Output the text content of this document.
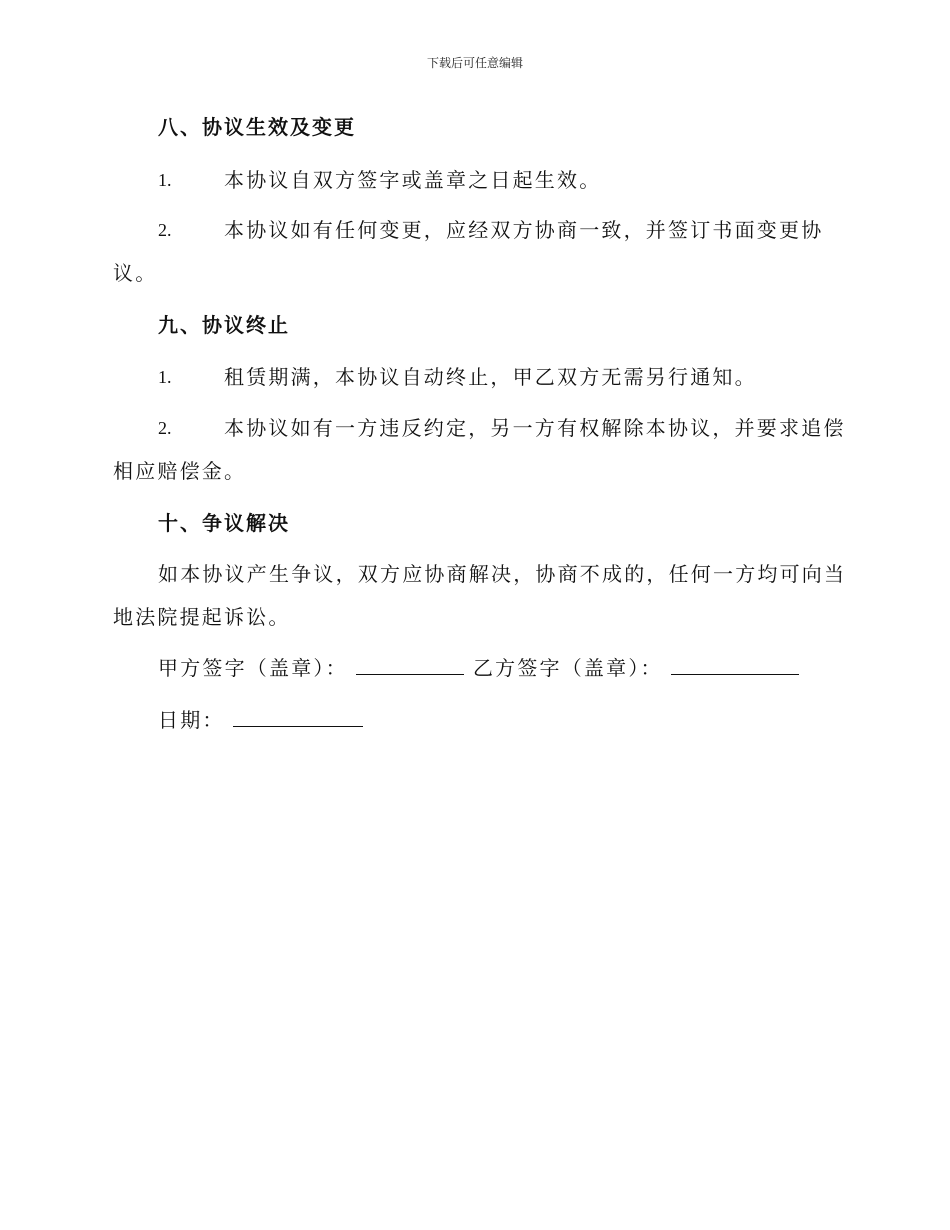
下载后可任意编辑
八、协议生效及变更
1.	本协议自双方签字或盖章之日起生效。
2.	本协议如有任何变更，应经双方协商一致，并签订书面变更协
议。
九、协议终止
1.	租赁期满，本协议自动终止，甲乙双方无需另行通知。
2.	本协议如有一方违反约定，另一方有权解除本协议，并要求追偿
相应赔偿金。
十、争议解决
如本协议产生争议，双方应协商解决，协商不成的，任何一方均可向当
地法院提起诉讼。
甲方签字（盖章）：	乙方签字（盖章）：
日期：
